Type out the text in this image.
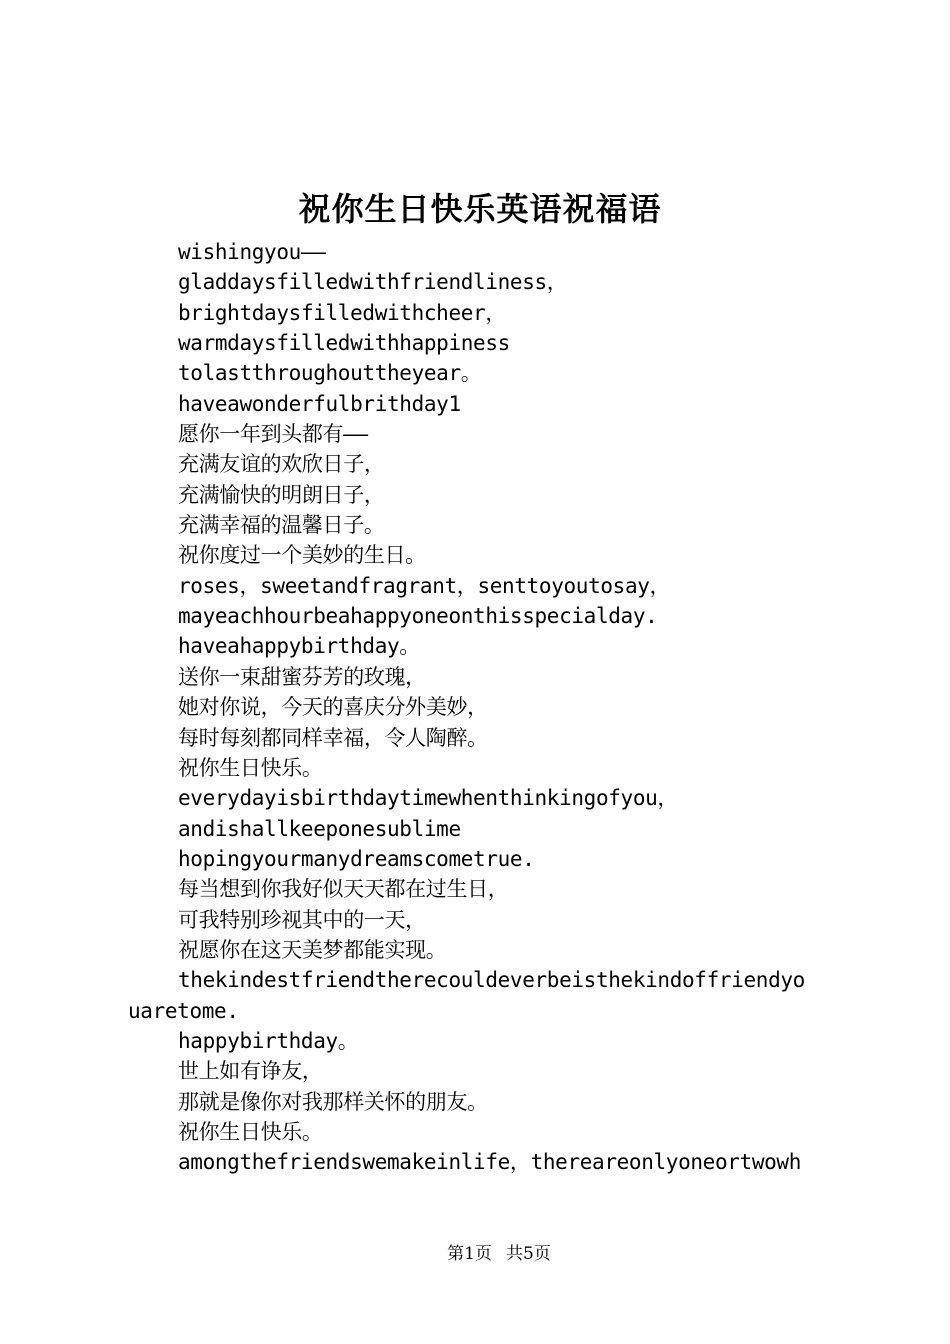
祝你生日快乐英语祝福语
wishingyou——
gladdaysfilledwithfriendliness，
brightdaysfilledwithcheer，
warmdaysfilledwithhappiness
tolastthroughouttheyear。
haveawonderfulbrithday1
愿你一年到头都有——
充满友谊的欢欣日子，
充满愉快的明朗日子，
充满幸福的温馨日子。
祝你度过一个美妙的生日。
roses，sweetandfragrant，senttoyoutosay，
mayeachhourbeahappyoneonthisspecialday.
haveahappybirthday。
送你一束甜蜜芬芳的玫瑰，
她对你说，今天的喜庆分外美妙，
每时每刻都同样幸福，令人陶醉。
祝你生日快乐。
everydayisbirthdaytimewhenthinkingofyou，
andishallkeeponesublime
hopingyourmanydreamscometrue.
每当想到你我好似天天都在过生日，
可我特别珍视其中的一天，
祝愿你在这天美梦都能实现。
thekindestfriendtherecouldeverbeisthekindoffriendyo
uaretome.
happybirthday。
世上如有诤友，
那就是像你对我那样关怀的朋友。
祝你生日快乐。
amongthefriendswemakeinlife，thereareonlyoneortwowh
第1页 共5页
